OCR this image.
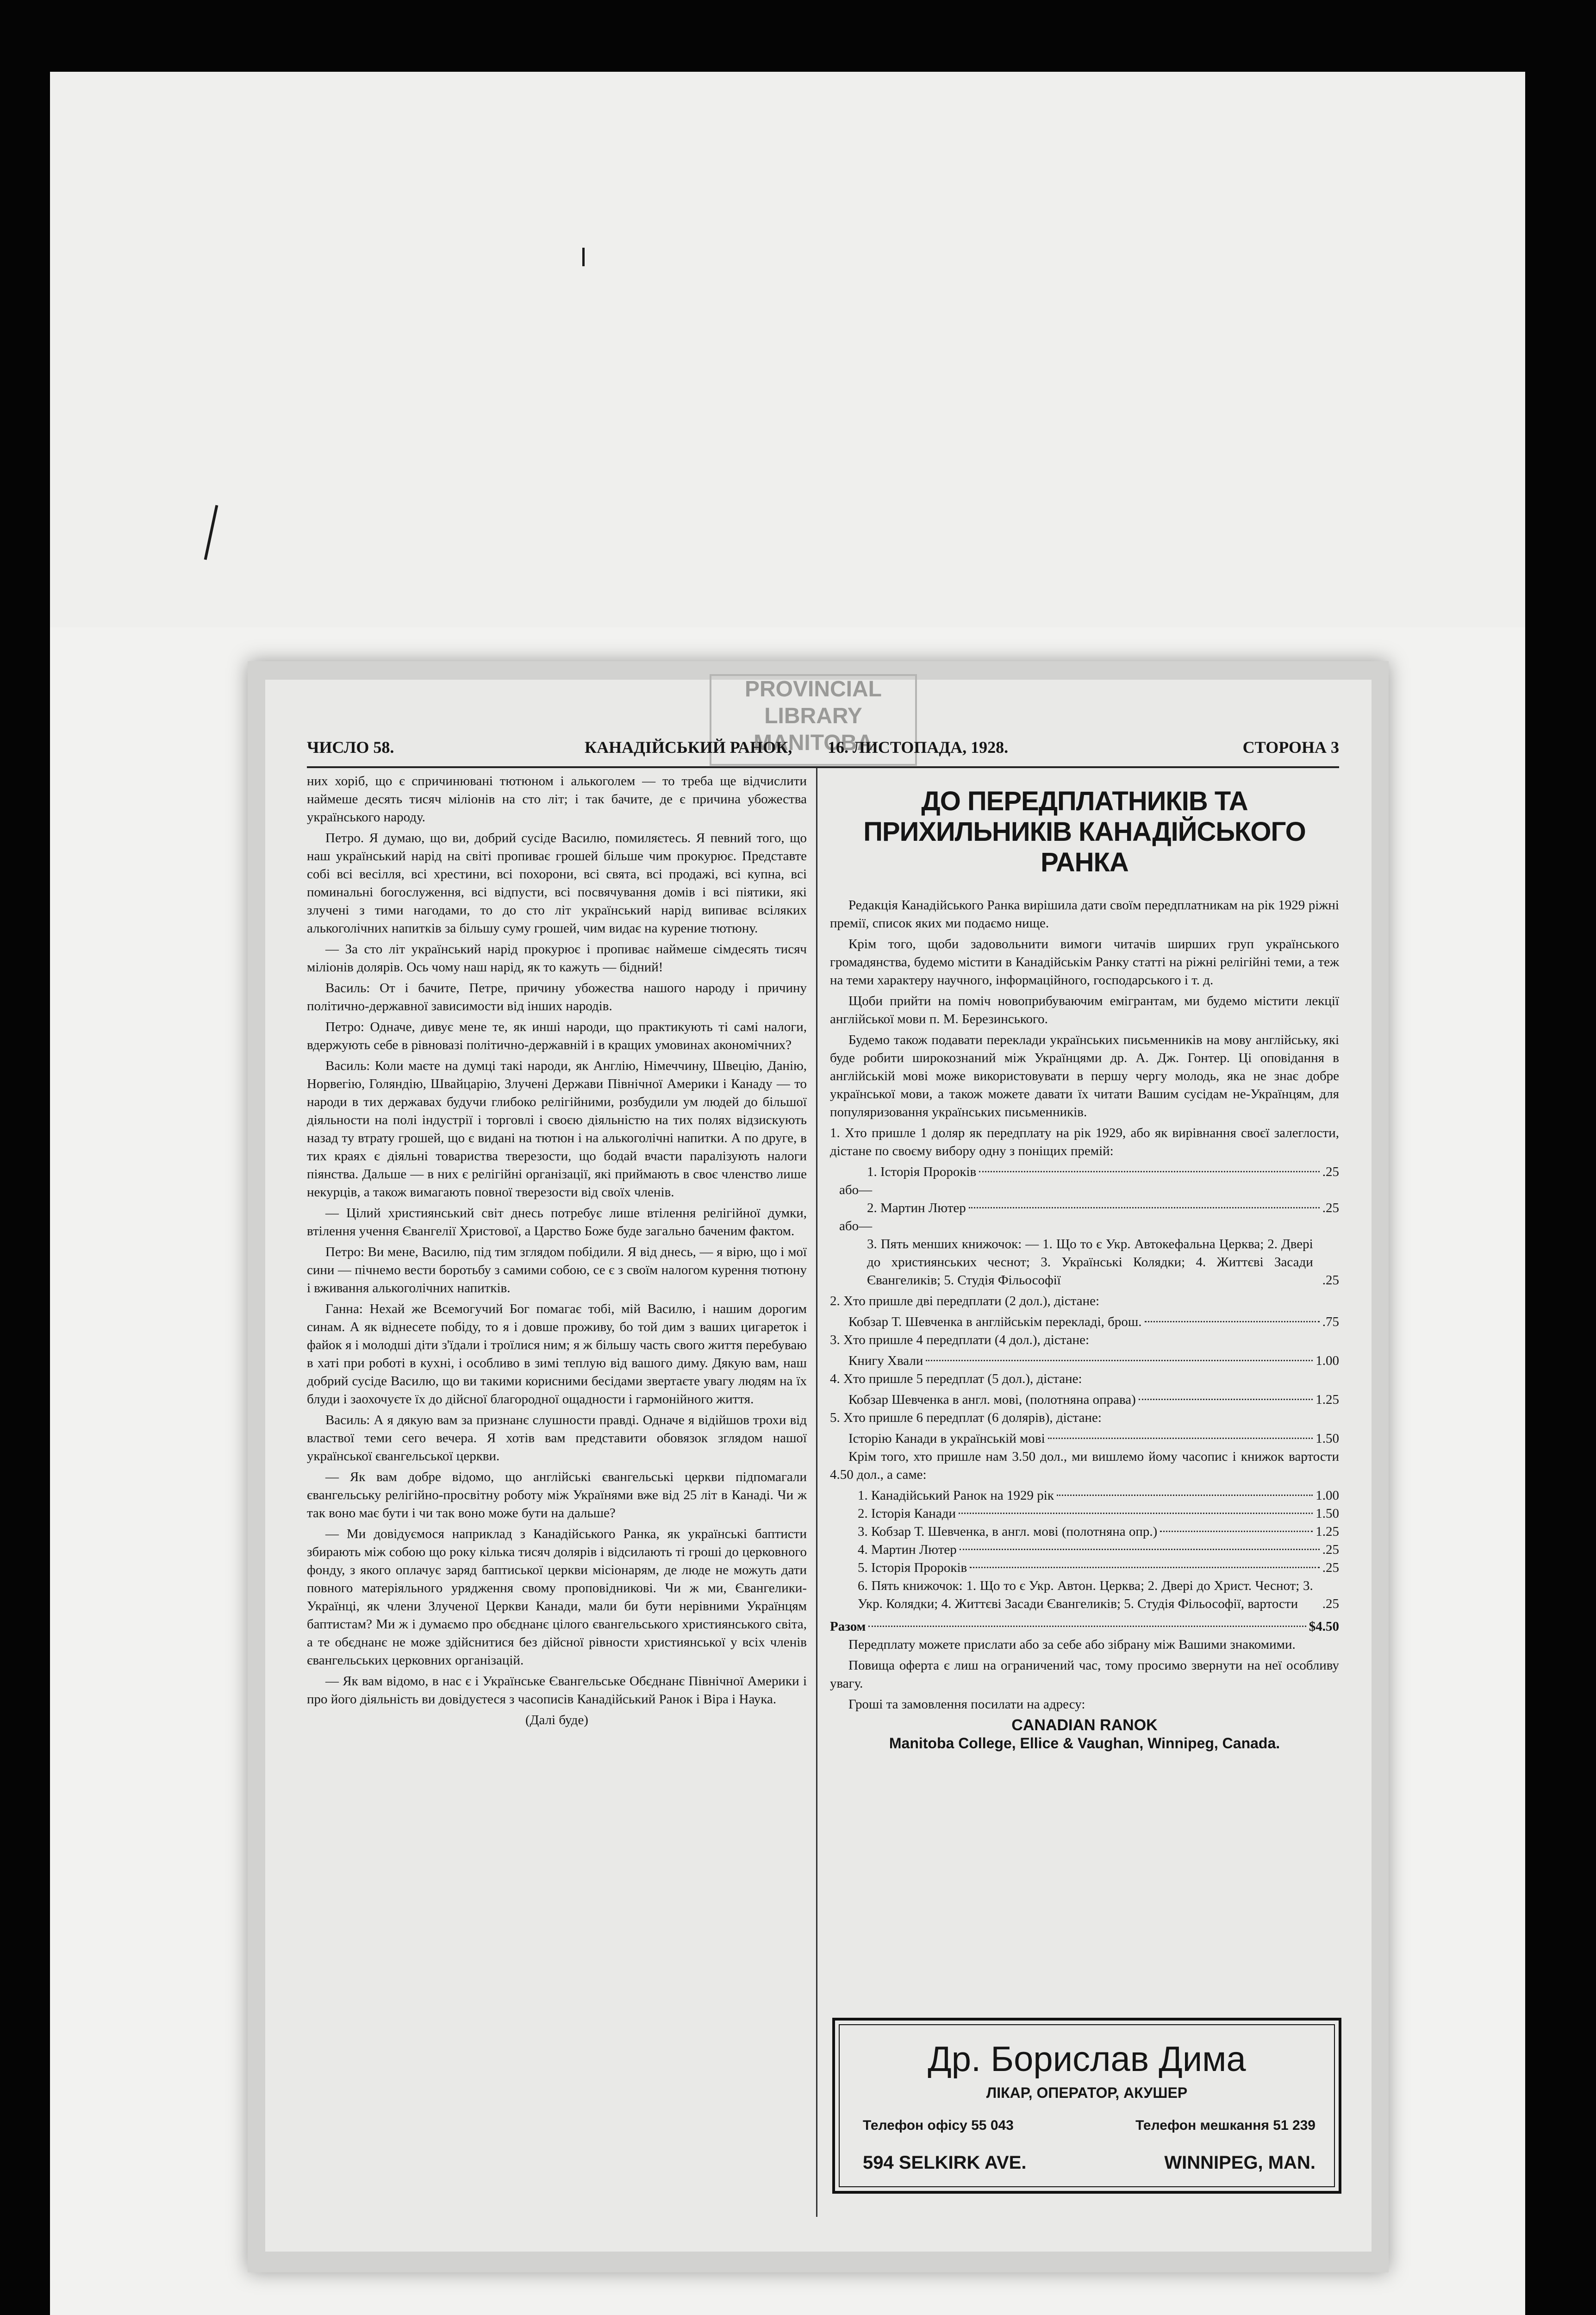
PROVINCIAL
LIBRARY
MANITOBA
ЧИСЛО 58.	КАНАДІЙСЬКИЙ РАНОК, 16. ЛИСТОПАДА, 1928.	СТОРОНА 3

них хоріб, що є спричинювані тютюном і алькоголем — то треба ще відчислити наймеше десять тисяч міліонів на сто літ; і так бачите, де є причина убожества українського народу.

Петро. Я думаю, що ви, добрий сусіде Василю, помиляєтесь. Я певний того, що наш український нарід на світі пропиває грошей більше чим прокурює. Представте собі всі весілля, всі хрестини, всі похорони, всі свята, всі продажі, всі купна, всі поминальні богослуження, всі відпусти, всі посвячування домів і всі піятики, які злучені з тими нагодами, то до сто літ український нарід випиває всіляких алькоголічних напитків за більшу суму грошей, чим видає на курение тютюну.

— За сто літ український нарід прокурює і пропиває наймеше сімдесять тисяч міліонів долярів. Ось чому наш нарід, як то кажуть — бідний!

Василь: От і бачите, Петре, причину убожества нашого народу і причину політично-державної зависимости від інших народів.

Петро: Одначе, дивує мене те, як инші народи, що практикують ті самі налоги, вдержують себе в рівновазі політично-державній і в кращих умовинах акономічних?

Василь: Коли маєте на думці такі народи, як Англію, Німеччину, Швецію, Данію, Норвегію, Голяндію, Швайцарію, Злучені Держави Північної Америки і Канаду — то народи в тих державах будучи глибоко релігійними, розбудили ум людей до більшої діяльности на полі індустрії і торговлі і своєю діяльністю на тих полях відзискують назад ту втрату грошей, що є видані на тютюн і на алькоголічні напитки. А по друге, в тих краях є діяльні товариства тверезости, що бодай вчасти паралізують налоги піянства. Дальше — в них є релігійні організації, які приймають в своє членство лише некурців, а також вимагають повної тверезости від своїх членів.

— Цілий християнський світ днесь потребує лише втілення релігійної думки, втілення учення Євангелії Христової, а Царство Боже буде загально баченим фактом.

Петро: Ви мене, Василю, під тим зглядом побідили. Я від днесь, — я вірю, що і мої сини — пічнемо вести боротьбу з самими собою, се є з своїм налогом курення тютюну і вживання алькоголічних напитків.

Ганна: Нехай же Всемогучий Бог помагає тобі, мій Василю, і нашим дорогим синам. А як віднесете побіду, то я і довше проживу, бо той дим з ваших цигарeток і файок я і молодші діти з'їдали і троїлися ним; я ж більшу часть свого життя перебуваю в хаті при роботі в кухні, і особливо в зимі теплую від вашого диму. Дякую вам, наш добрий сусіде Василю, що ви такими корисними бесідами звертаєте увагу людям на їх блуди і заохочуєте їх до дійсної благородної ощадности і гармонійного життя.

Василь: А я дякую вам за признанє слушности правді. Одначе я відійшов трохи від властвої теми сего вечера. Я хотів вам представити обовязок зглядом нашої української євангельської церкви.

— Як вам добре відомо, що англійські євангельські церкви підпомагали євангельську релігійно-просвітну роботу між Українями вже від 25 літ в Канаді. Чи ж так воно має бути і чи так воно може бути на дальше?

— Ми довідуємося наприклад з Канадійського Ранка, як українські баптисти збирають між собою що року кілька тисяч долярів і відсилають ті гроші до церковного фонду, з якого оплачує заряд баптиської церкви місіонарям, де люде не можуть дати повного матеріяльного урядження свому проповідникові. Чи ж ми, Євангелики-Українці, як члени Злученої Церкви Канади, мали би бути нерівними Українцям баптистам? Ми ж і думаємо про обєднанє цілого євангельського християнського світа, а те обєднанє не може здійснитися без дійсної рівности християнської у всіх членів євангельських церковних організацій.

— Як вам відомо, в нас є і Українське Євангельське Обєднанє Північної Америки і про його діяльність ви довідуєтеся з часописів Канадійський Ранок і Віра і Наука.

(Далі буде)

ДО ПЕРЕДПЛАТНИКІВ ТА ПРИХИЛЬНИКІВ КАНАДІЙСЬКОГО РАНКА

Редакція Канадійського Ранка вирішила дати своїм передплатникам на рік 1929 ріжні премії, список яких ми подаємо нище.

Крім того, щоби задовольнити вимоги читачів ширших груп українського громадянства, будемо містити в Канадійськім Ранку статті на ріжні релігійні теми, а теж на теми характеру научного, інформаційного, господарського і т. д.

Щоби прийти на поміч новоприбуваючим емігрантам, ми будемо містити лекції англійської мови п. М. Березинського.

Будемо також подавати переклади українських письменників на мову англійську, які буде робити широкознаний між Українцями др. А. Дж. Гонтер. Ці оповідання в англійській мові може використовувати в першу чергу молодь, яка не знає добре української мови, а також можете давати їх читати Вашим сусідам не-Українцям, для популяризовання українських письменників.

1. Хто пришле 1 доляр як передплату на рік 1929, або як вирівнання своєї залеглости, дістане по своєму вибору одну з поніщих премій:

1. Історія Пророків	.25
або—
2. Мартин Лютер	.25
або—
3. Пять менших книжочок: — 1. Що то є Укр. Автокефальна Церква; 2. Двері до християнських чеснот; 3. Українські Колядки; 4. Життєві Засади Євангеликів; 5. Студія Фільософії	.25

2. Хто пришле дві передплати (2 дол.), дістане:

Кобзар Т. Шевченка в англійськім перекладі, брош.	.75

3. Хто пришле 4 передплати (4 дол.), дістане:

Книгу Хвали	1.00

4. Хто пришле 5 передплат (5 дол.), дістане:

Кобзар Шевченка в англ. мові, (полотняна оправа)	1.25

5. Хто пришле 6 передплат (6 долярів), дістане:

Історію Канади в українській мові	1.50

Крім того, хто пришле нам 3.50 дол., ми вишлемо йому часопис і книжок вартости 4.50 дол., а саме:

1. Канадійський Ранок на 1929 рік	1.00
2. Історія Канади	1.50
3. Кобзар Т. Шевченка, в англ. мові (полотняна опр.)	1.25
4. Мартин Лютер	.25
5. Історія Пророків	.25
6. Пять книжочок: 1. Що то є Укр. Автон. Церква; 2. Двері до Христ. Чеснот; 3. Укр. Колядки; 4. Життєві Засади Євангеликів; 5. Студія Фільософії, вартости	.25
Разом	$4.50

Передплату можете прислати або за себе або зібрану між Вашими знакомими.

Повища оферта є лиш на ограничений час, тому просимо звернути на неї особливу увагу.

Гроші та замовлення посилати на адресу:

CANADIAN RANOK
Manitoba College, Ellice & Vaughan, Winnipeg, Canada.
Др. Борислав Дима
ЛІКАР, ОПЕРАТОР, АКУШЕР
Телефон офісу 55 043	Телефон мешкання 51 239
594 SELKIRK AVE.	WINNIPEG, MAN.
